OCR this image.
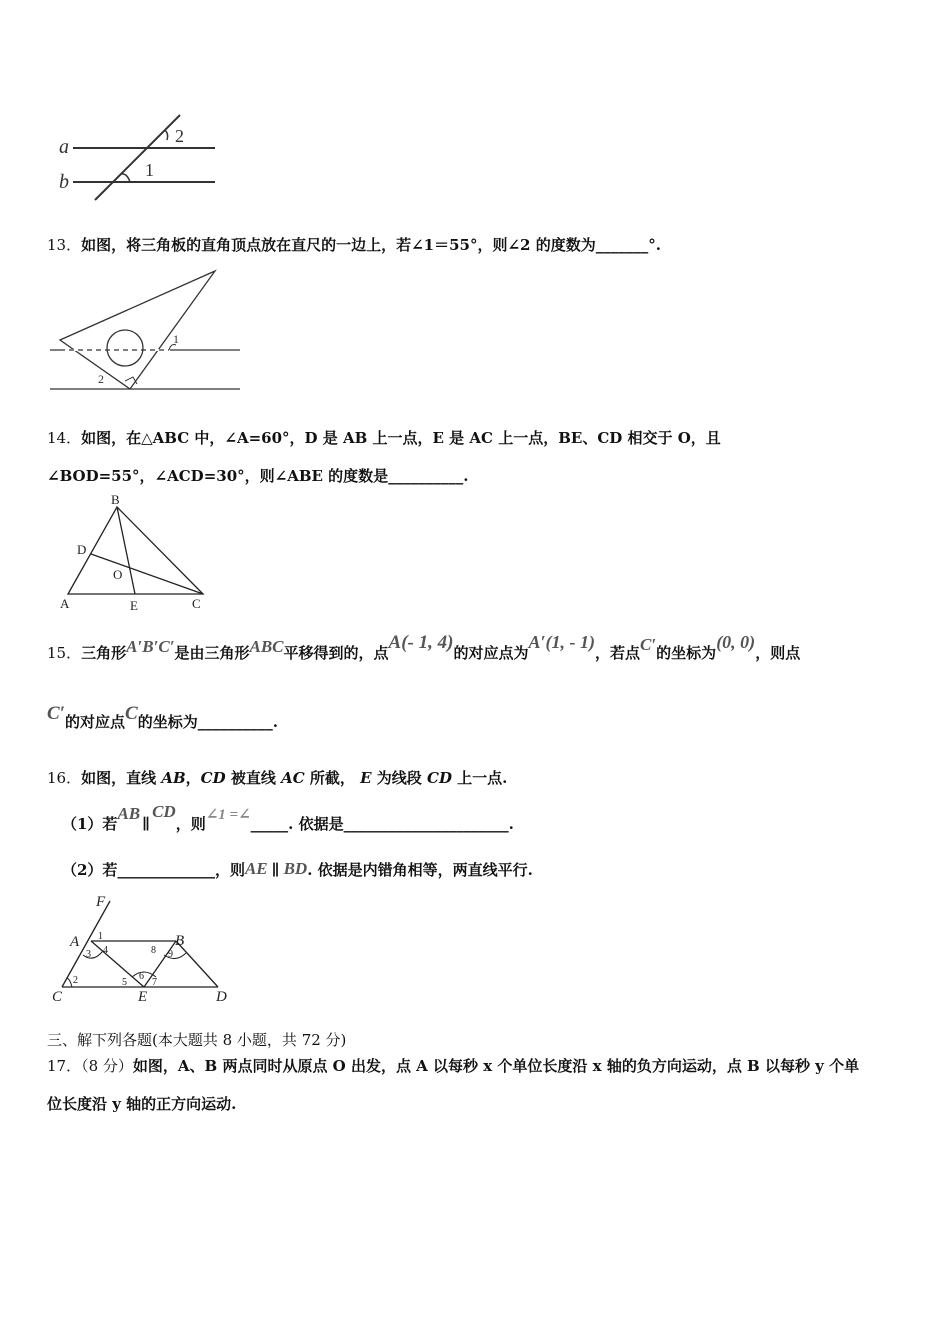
a
b
2
1
13．如图，将三角板的直角顶点放在直尺的一边上，若∠1＝55°，则∠2 的度数为_______°.
1
2
14．如图，在△ABC 中，∠A=60°，D 是 AB 上一点，E 是 AC 上一点，BE、CD 相交于 O，且
∠BOD=55°，∠ACD=30°，则∠ABE 的度数是__________.
B
D
O
A	E	C
15．三角形A′B′C′是由三角形ABC平移得到的，点A(- 1, 4)的对应点为A′(1, - 1)，若点C′的坐标为(0, 0)，则点
C′的对应点C的坐标为__________.
16．如图，直线 AB，CD 被直线 AC 所截， E 为线段 CD 上一点.
（1）若AB∥CD，则∠1 =∠_____. 依据是______________________.
（2）若_____________，则AE ∥ BD. 依据是内错角相等，两直线平行.
F
A	B
C	E	D
1
2
3 4
5
6
7
8 9
三、解下列各题(本大题共 8 小题，共 72 分)
17．（8 分）如图，A、B 两点同时从原点 O 出发，点 A 以每秒 x 个单位长度沿 x 轴的负方向运动，点 B 以每秒 y 个单
位长度沿 y 轴的正方向运动.
